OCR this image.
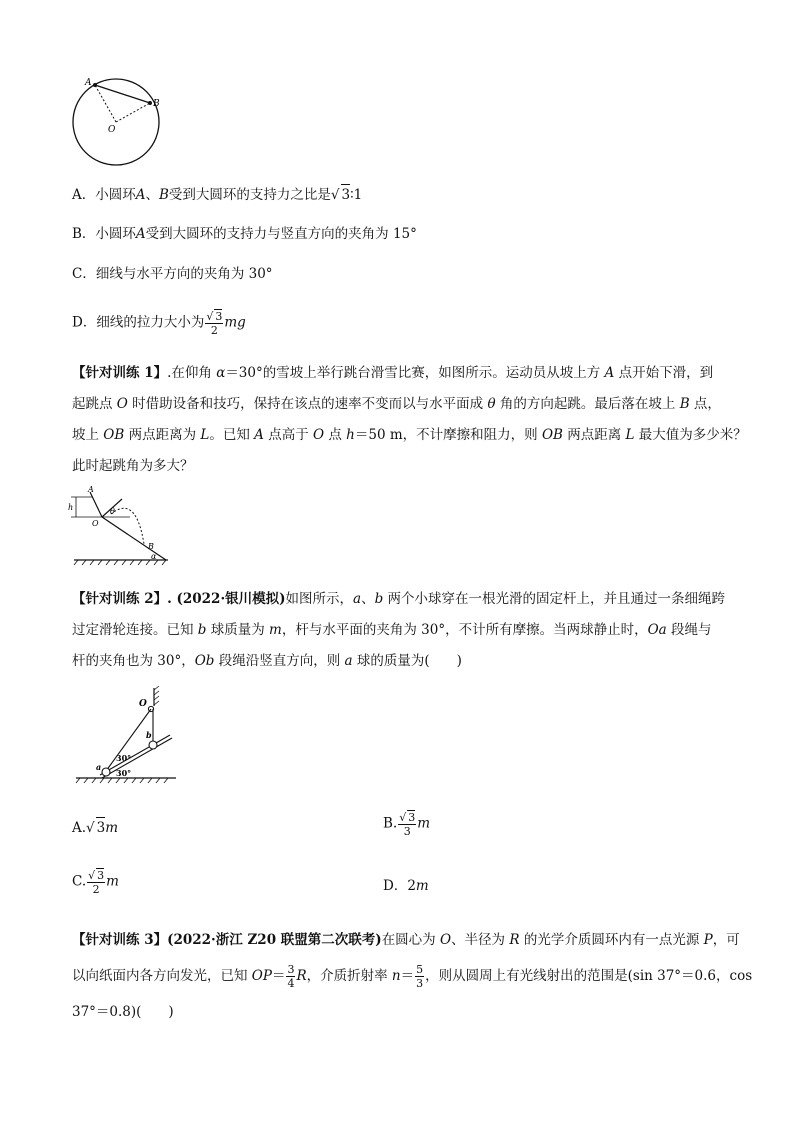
A
B
O
A．小圆环A、B受到大圆环的支持力之比是√ 3∶1
B．小圆环A受到大圆环的支持力与竖直方向的夹角为 15°
C．细线与水平方向的夹角为 30°
D．细线的拉力大小为 $\frac{√ 3}{2}$ mg
【针对训练 1】.在仰角 α＝30°的雪坡上举行跳台滑雪比赛，如图所示。运动员从坡上方 A 点开始下滑，到
起跳点 O 时借助设备和技巧，保持在该点的速率不变而以与水平面成 θ 角的方向起跳。最后落在坡上 B 点，
坡上 OB 两点距离为 L。已知 A 点高于 O 点 h＝50 m，不计摩擦和阻力，则 OB 两点距离 L 最大值为多少米？
此时起跳角为多大？
A
h
O
θ
B
α
【针对训练 2】. (2022·银川模拟)如图所示，a、b 两个小球穿在一根光滑的固定杆上，并且通过一条细绳跨
过定滑轮连接。已知 b 球质量为 m，杆与水平面的夹角为 30°，不计所有摩擦。当两球静止时，Oa 段绳与
杆的夹角也为 30°，Ob 段绳沿竖直方向，则 a 球的质量为(　　)
O
b
a
30°
30°
A.√ 3m	B. $\frac{√ 3}{3}$ m
C. $\frac{√ 3}{2}$ m	D．2m
【针对训练 3】(2022·浙江 Z20 联盟第二次联考)在圆心为 O、半径为 R 的光学介质圆环内有一点光源 P，可
以向纸面内各方向发光，已知 $OP= \frac{3}{4}$ R，介质折射率 $n= \frac{5}{3}$ ，则从圆周上有光线射出的范围是(sin 37°＝0.6，cos
37°＝0.8)(　　)
